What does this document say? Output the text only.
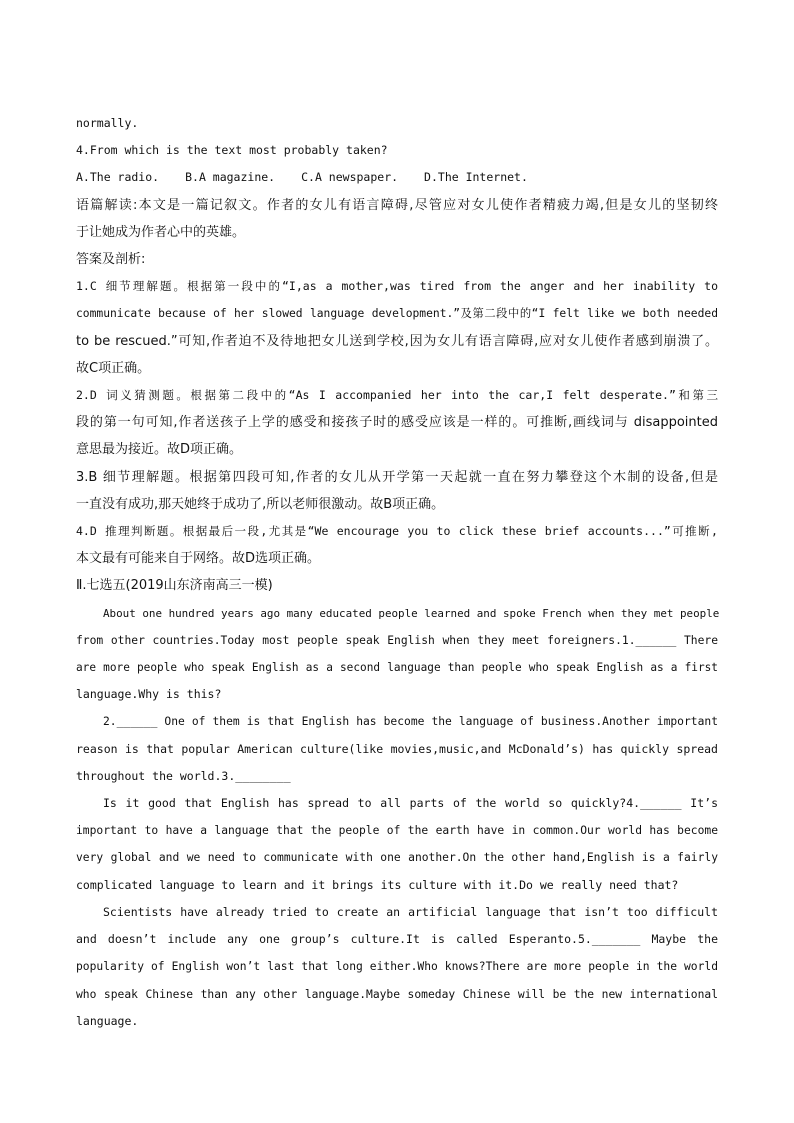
normally.
4.From which is the text most probably taken?
A.The radio. B.A magazine. C.A newspaper. D.The Internet.
语篇解读:本文是一篇记叙文。作者的女儿有语言障碍,尽管应对女儿使作者精疲力竭,但是女儿的坚韧终
于让她成为作者心中的英雄。
答案及剖析:
1.C 细节理解题。根据第一段中的“I,as a mother,was tired from the anger and her inability to
communicate because of her slowed language development.”及第二段中的“I felt like we both needed
to be rescued.”可知,作者迫不及待地把女儿送到学校,因为女儿有语言障碍,应对女儿使作者感到崩溃了。
故C项正确。
2.D 词义猜测题。根据第二段中的“As I accompanied her into the car,I felt desperate.”和第三
段的第一句可知,作者送孩子上学的感受和接孩子时的感受应该是一样的。可推断,画线词与 disappointed
意思最为接近。故D项正确。
3.B 细节理解题。根据第四段可知,作者的女儿从开学第一天起就一直在努力攀登这个木制的设备,但是
一直没有成功,那天她终于成功了,所以老师很激动。故B项正确。
4.D 推理判断题。根据最后一段,尤其是“We encourage you to click these brief accounts...”可推断,
本文最有可能来自于网络。故D选项正确。
Ⅱ.七选五(2019山东济南高三一模)
About one hundred years ago many educated people learned and spoke French when they met people
from other countries.Today most people speak English when they meet foreigners.1.______ There
are more people who speak English as a second language than people who speak English as a first
language.Why is this?
2.______ One of them is that English has become the language of business.Another important
reason is that popular American culture(like movies,music,and McDonald’s) has quickly spread
throughout the world.3.________
Is it good that English has spread to all parts of the world so quickly?4.______ It’s
important to have a language that the people of the earth have in common.Our world has become
very global and we need to communicate with one another.On the other hand,English is a fairly
complicated language to learn and it brings its culture with it.Do we really need that?
Scientists have already tried to create an artificial language that isn’t too difficult
and doesn’t include any one group’s culture.It is called Esperanto.5._______ Maybe the
popularity of English won’t last that long either.Who knows?There are more people in the world
who speak Chinese than any other language.Maybe someday Chinese will be the new international
language.
